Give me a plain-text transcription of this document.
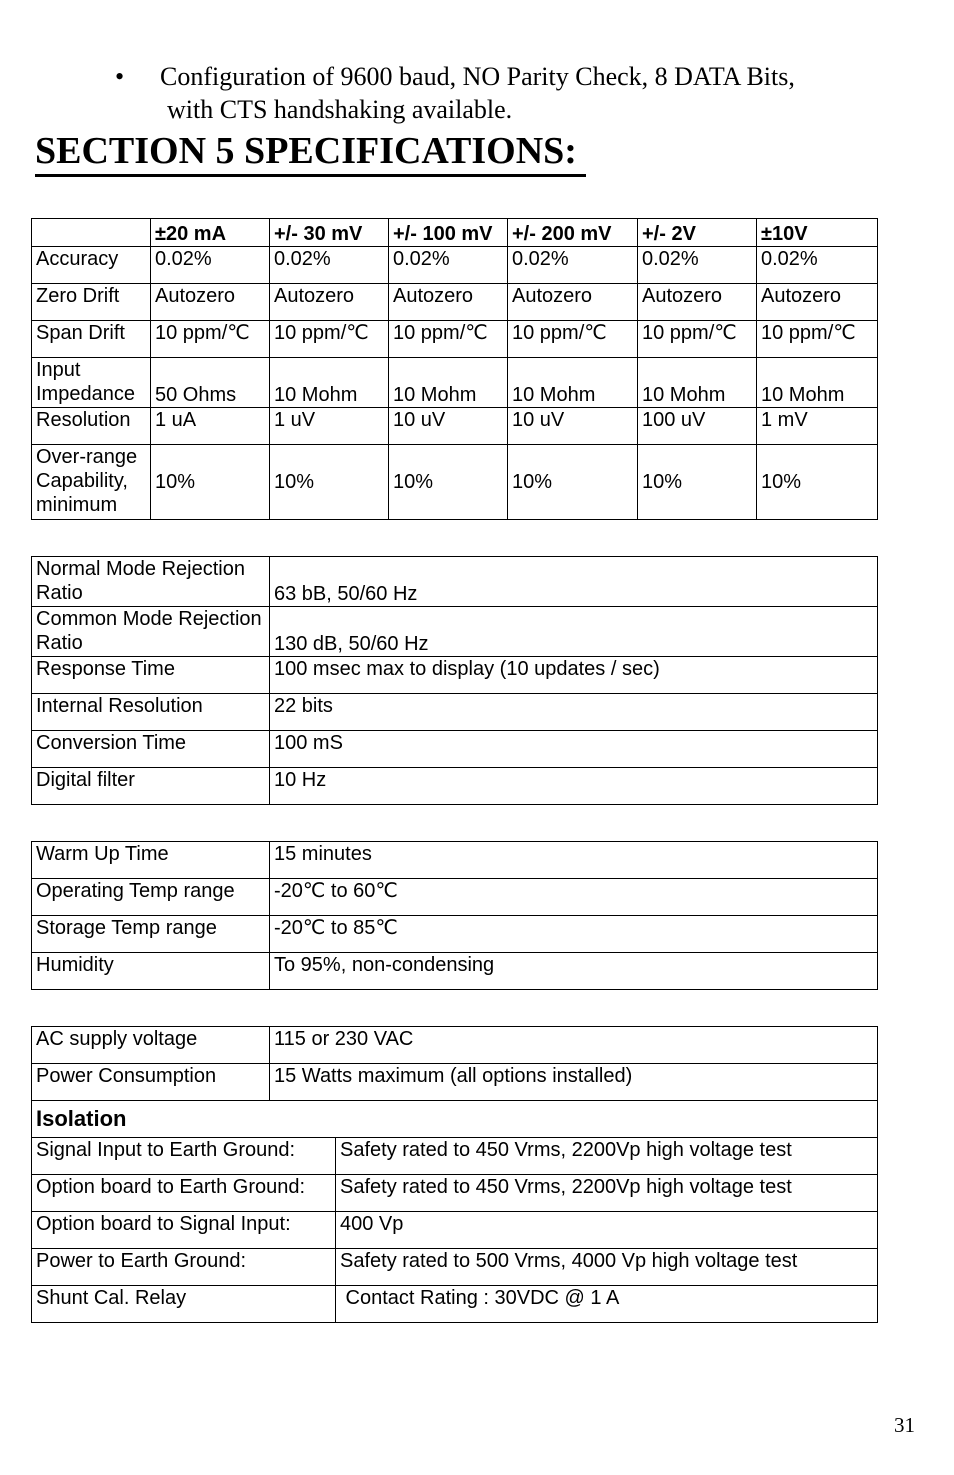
• Configuration of 9600 baud, NO Parity Check, 8 DATA Bits,
with CTS handshaking available.
SECTION 5 SPECIFICATIONS:
	±20 mA	+/- 30 mV	+/- 100 mV	+/- 200 mV	+/- 2V	±10V
Accuracy	0.02%	0.02%	0.02%	0.02%	0.02%	0.02%
Zero Drift	Autozero	Autozero	Autozero	Autozero	Autozero	Autozero
Span Drift	10 ppm/℃	10 ppm/℃	10 ppm/℃	10 ppm/℃	10 ppm/℃	10 ppm/℃
Input Impedance	50 Ohms	10 Mohm	10 Mohm	10 Mohm	10 Mohm	10 Mohm
Resolution	1 uA	1 uV	10 uV	10 uV	100 uV	1 mV
Over-range Capability, minimum	10%	10%	10%	10%	10%	10%
Normal Mode Rejection Ratio	63 bB, 50/60 Hz
Common Mode Rejection Ratio	130 dB, 50/60 Hz
Response Time	100 msec max to display (10 updates / sec)
Internal Resolution	22 bits
Conversion Time	100 mS
Digital filter	10 Hz
Warm Up Time	15 minutes
Operating Temp range	-20℃ to 60℃
Storage Temp range	-20℃ to 85℃
Humidity	To 95%, non-condensing
AC supply voltage	115 or 230 VAC	
Power Consumption	15 Watts maximum (all options installed)	
Isolation		
Signal Input to Earth Ground:		Safety rated to 450 Vrms, 2200Vp high voltage test
Option board to Earth Ground:		Safety rated to 450 Vrms, 2200Vp high voltage test
Option board to Signal Input:		400 Vp
Power to Earth Ground:		Safety rated to 500 Vrms, 4000 Vp high voltage test
Shunt Cal. Relay		Contact Rating : 30VDC @ 1 A
31
